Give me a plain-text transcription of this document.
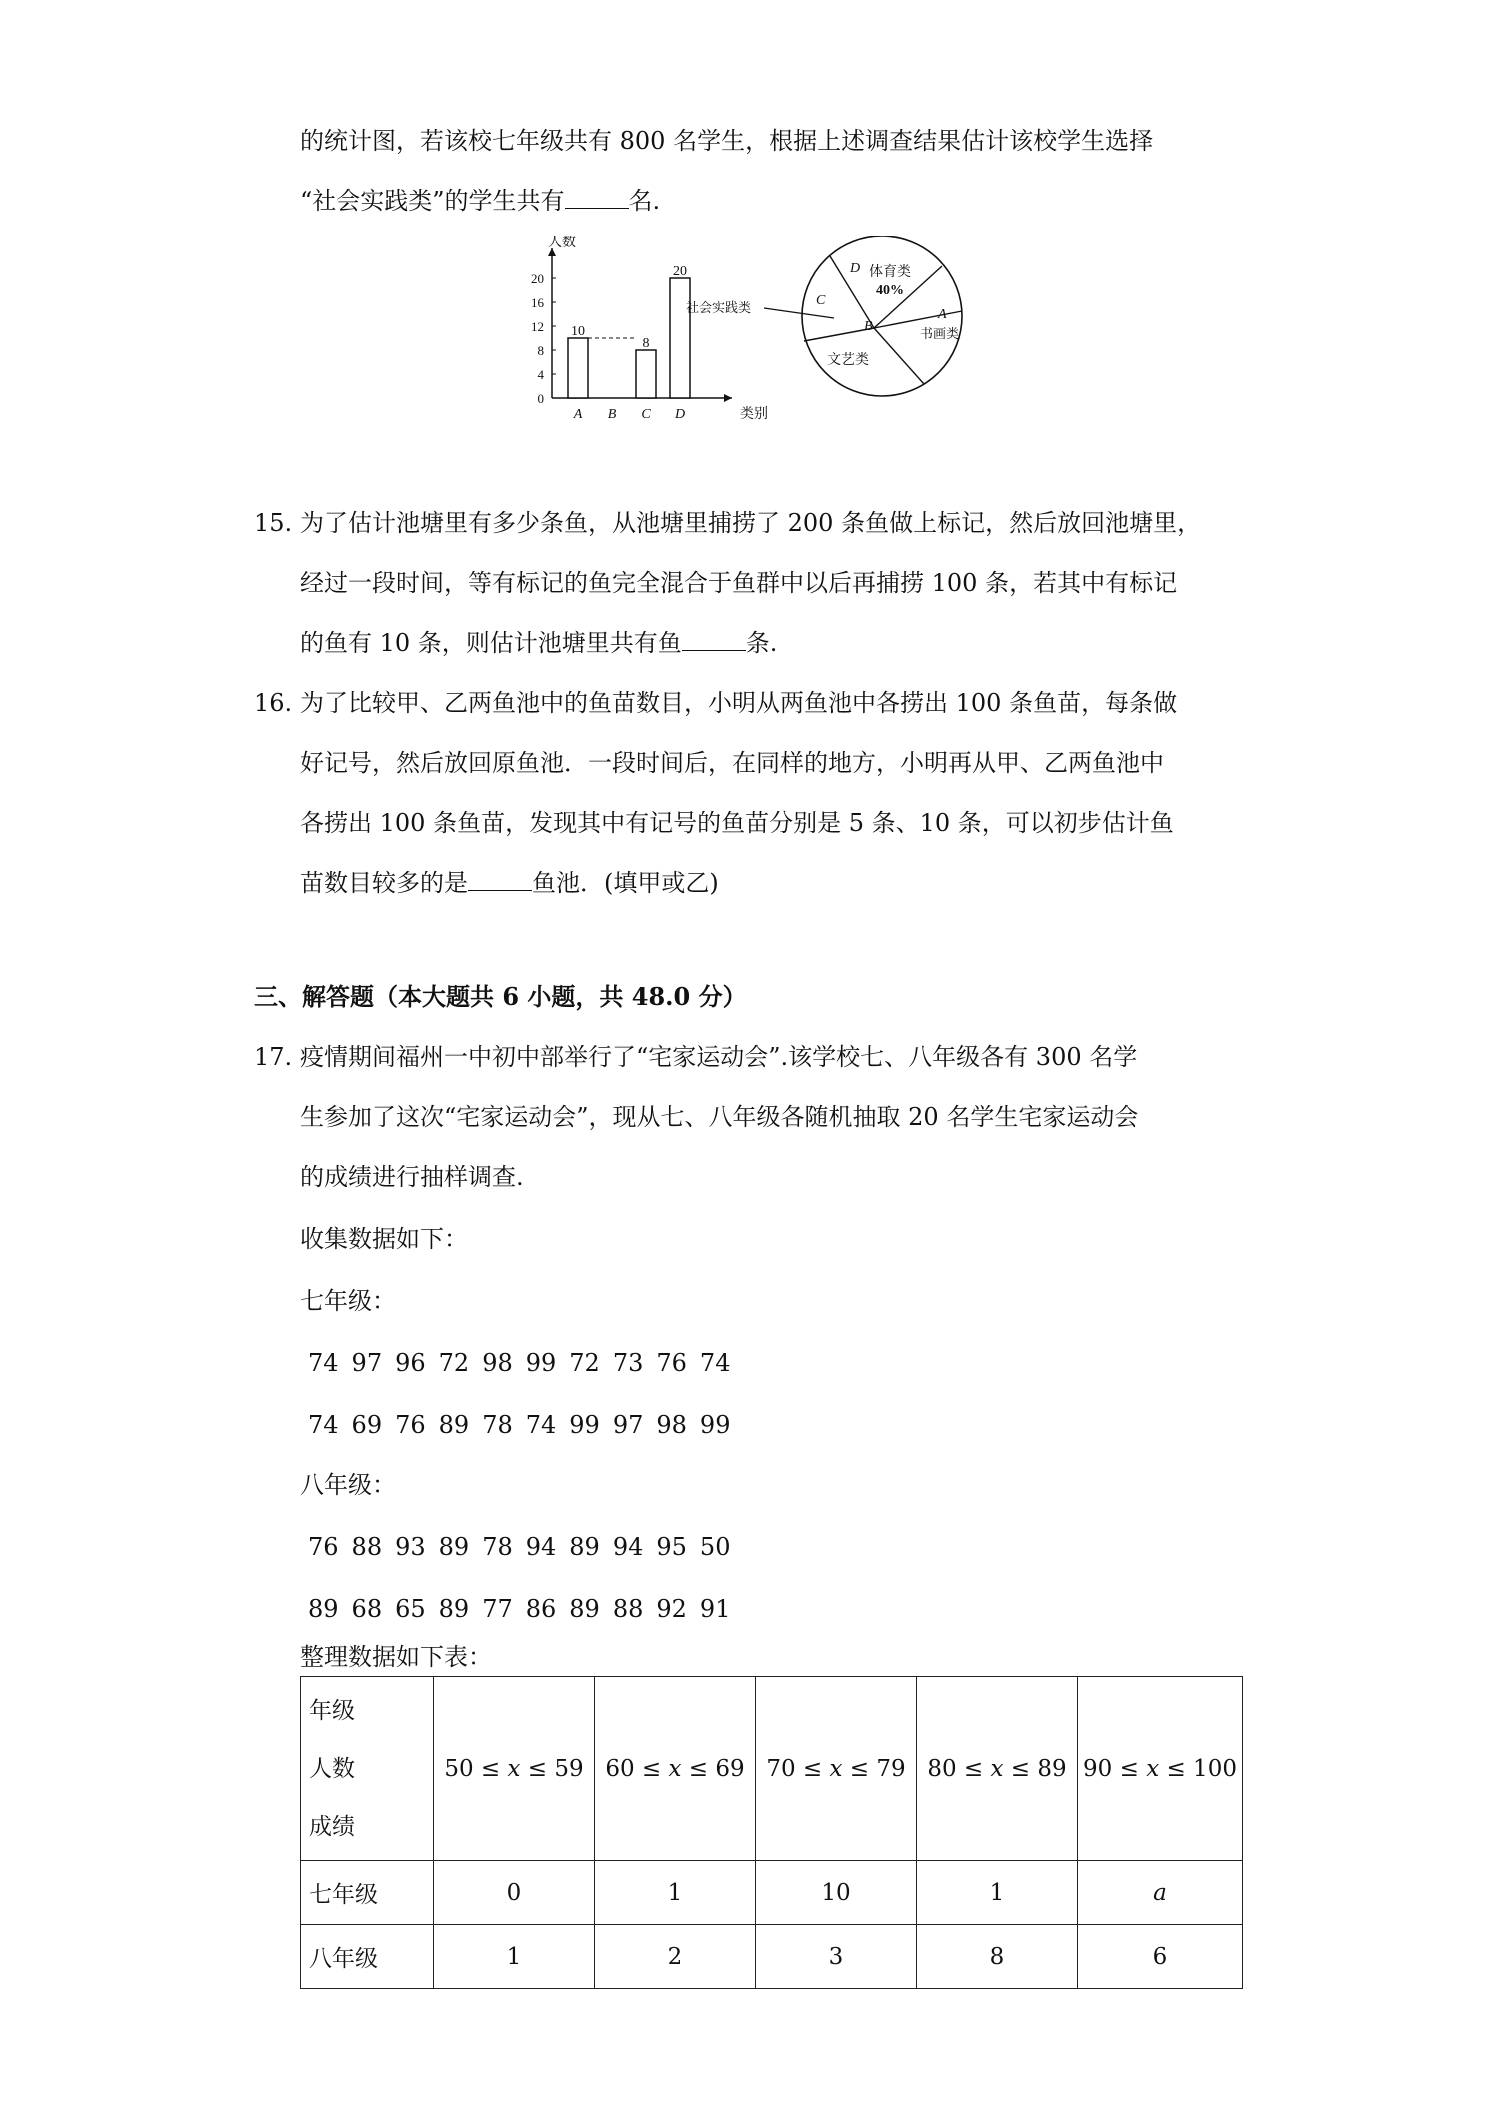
的统计图，若该校七年级共有 800 名学生，根据上述调查结果估计该校学生选择
“社会实践类”的学生共有	名.
人数
类别
0
4
8
12
16
20
A
10
B C
8
D
20	D 体育类
40%
C
社会实践类
B
文艺类
A
书画类
15. 为了估计池塘里有多少条鱼，从池塘里捕捞了 200 条鱼做上标记，然后放回池塘里，
经过一段时间，等有标记的鱼完全混合于鱼群中以后再捕捞 100 条，若其中有标记
的鱼有 10 条，则估计池塘里共有鱼	条.
16. 为了比较甲、乙两鱼池中的鱼苗数目，小明从两鱼池中各捞出 100 条鱼苗，每条做
好记号，然后放回原鱼池．一段时间后，在同样的地方，小明再从甲、乙两鱼池中
各捞出 100 条鱼苗，发现其中有记号的鱼苗分别是 5 条、10 条，可以初步估计鱼
苗数目较多的是	鱼池．(填甲或乙)
三、解答题（本大题共 6 小题，共 48.0 分）
17. 疫情期间福州一中初中部举行了“宅家运动会”.该学校七、八年级各有 300 名学
生参加了这次“宅家运动会”，现从七、八年级各随机抽取 20 名学生宅家运动会
的成绩进行抽样调查.
收集数据如下：
七年级：
74 97 96 72 98 99 72 73 76 74
74 69 76 89 78 74 99 97 98 99
八年级：
76 88 93 89 78 94 89 94 95 50
89 68 65 89 77 86 89 88 92 91
整理数据如下表：
年级
人数
成绩	50 ≤ 𝑥 ≤ 59	60 ≤ 𝑥 ≤ 69	70 ≤ 𝑥 ≤ 79	80 ≤ 𝑥 ≤ 89	90 ≤ 𝑥 ≤ 100
七年级	0	1	10	1	𝑎
八年级	1	2	3	8	6
